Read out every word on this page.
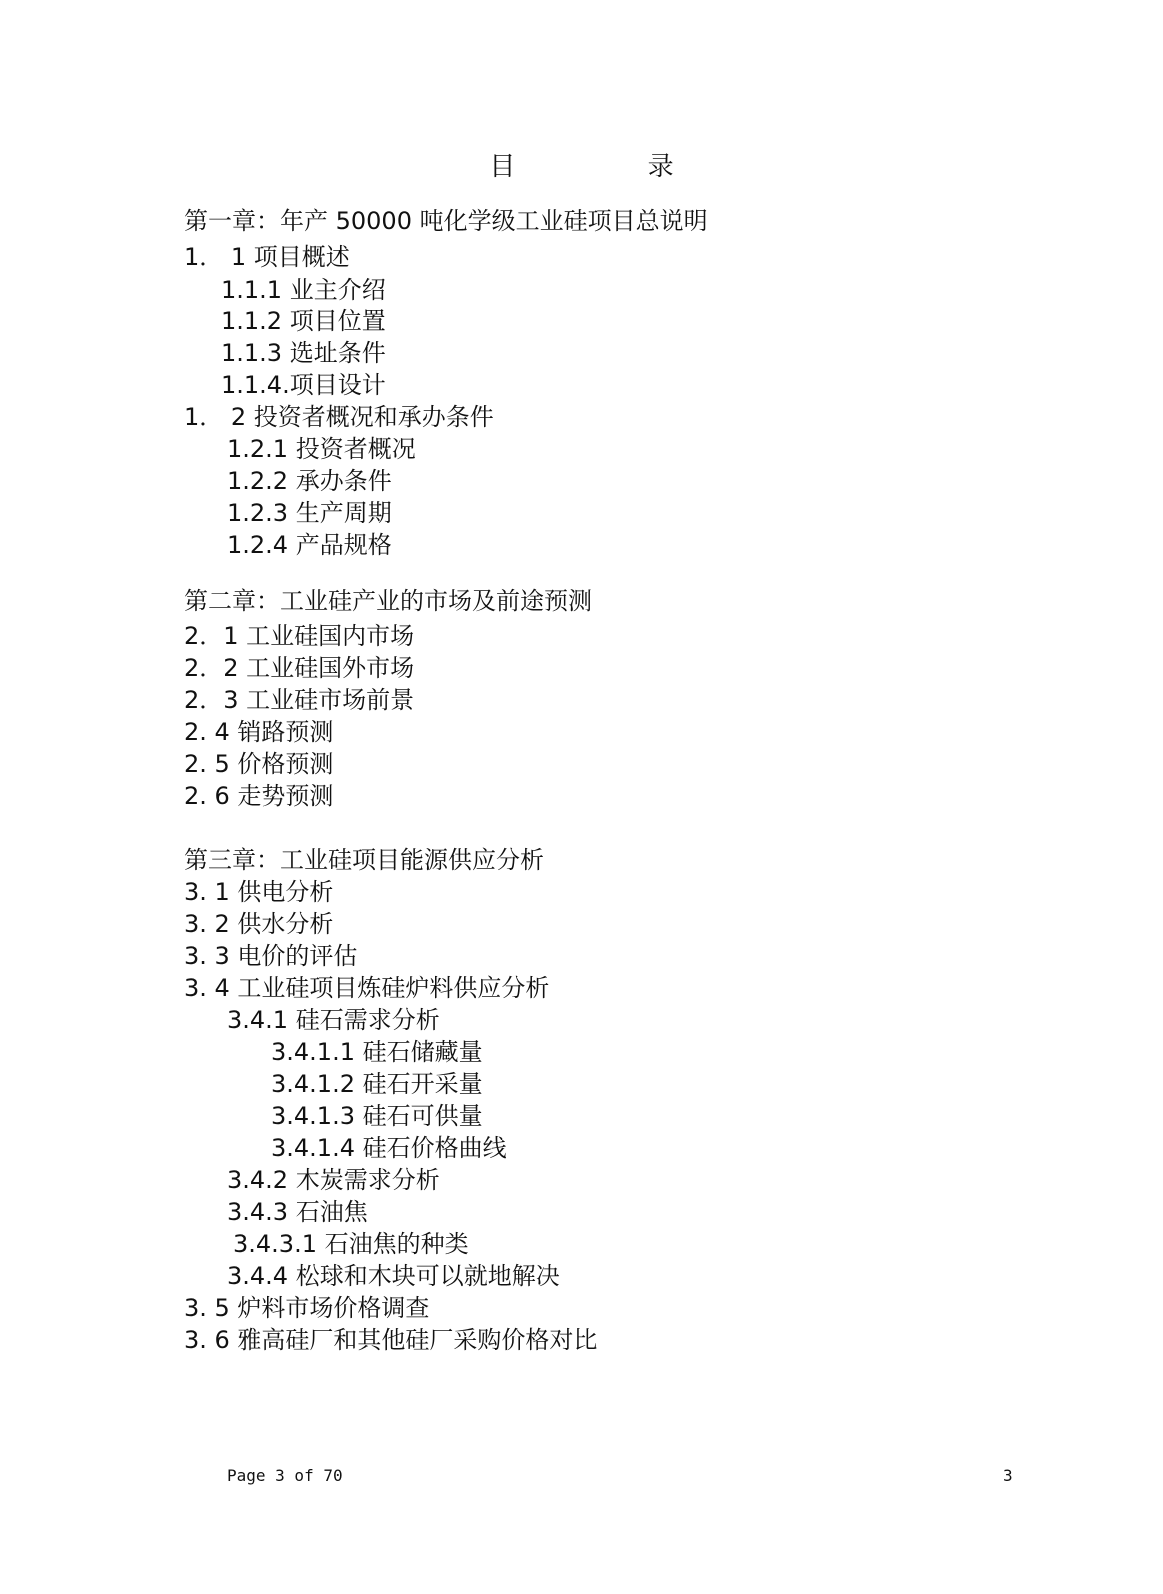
目 录
第一章：年产 50000 吨化学级工业硅项目总说明
1． 1 项目概述
1.1.1 业主介绍
1.1.2 项目位置
1.1.3 选址条件
1.1.4.项目设计
1． 2 投资者概况和承办条件
1.2.1 投资者概况
1.2.2 承办条件
1.2.3 生产周期
1.2.4 产品规格
第二章：工业硅产业的市场及前途预测
2．1 工业硅国内市场
2．2 工业硅国外市场
2．3 工业硅市场前景
2. 4 销路预测
2. 5 价格预测
2. 6 走势预测
第三章：工业硅项目能源供应分析
3. 1 供电分析
3. 2 供水分析
3. 3 电价的评估
3. 4 工业硅项目炼硅炉料供应分析
3.4.1 硅石需求分析
3.4.1.1 硅石储藏量
3.4.1.2 硅石开采量
3.4.1.3 硅石可供量
3.4.1.4 硅石价格曲线
3.4.2 木炭需求分析
3.4.3 石油焦
3.4.3.1 石油焦的种类
3.4.4 松球和木块可以就地解决
3. 5 炉料市场价格调查
3. 6 雅高硅厂和其他硅厂采购价格对比
Page 3 of 70	3
